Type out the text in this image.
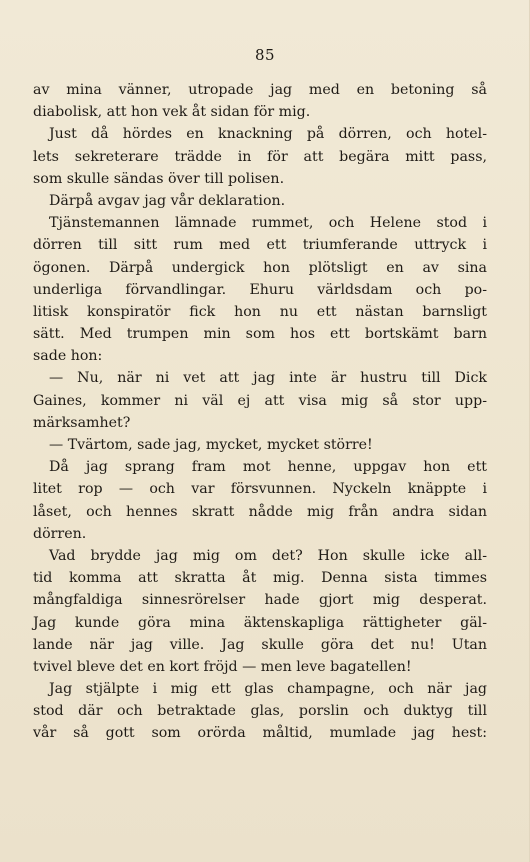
85
av mina vänner, utropade jag med en betoning så
diabolisk, att hon vek åt sidan för mig.
Just då hördes en knackning på dörren, och hotel-
lets sekreterare trädde in för att begära mitt pass,
som skulle sändas över till polisen.
Därpå avgav jag vår deklaration.
Tjänstemannen lämnade rummet, och Helene stod i
dörren till sitt rum med ett triumferande uttryck i
ögonen. Därpå undergick hon plötsligt en av sina
underliga förvandlingar. Ehuru världsdam och po-
litisk konspiratör fick hon nu ett nästan barnsligt
sätt. Med trumpen min som hos ett bortskämt barn
sade hon:
— Nu, när ni vet att jag inte är hustru till Dick
Gaines, kommer ni väl ej att visa mig så stor upp-
märksamhet?
— Tvärtom, sade jag, mycket, mycket större!
Då jag sprang fram mot henne, uppgav hon ett
litet rop — och var försvunnen. Nyckeln knäppte i
låset, och hennes skratt nådde mig från andra sidan
dörren.
Vad brydde jag mig om det? Hon skulle icke all-
tid komma att skratta åt mig. Denna sista timmes
mångfaldiga sinnesrörelser hade gjort mig desperat.
Jag kunde göra mina äktenskapliga rättigheter gäl-
lande när jag ville. Jag skulle göra det nu! Utan
tvivel bleve det en kort fröjd — men leve bagatellen!
Jag stjälpte i mig ett glas champagne, och när jag
stod där och betraktade glas, porslin och duktyg till
vår så gott som orörda måltid, mumlade jag hest:
